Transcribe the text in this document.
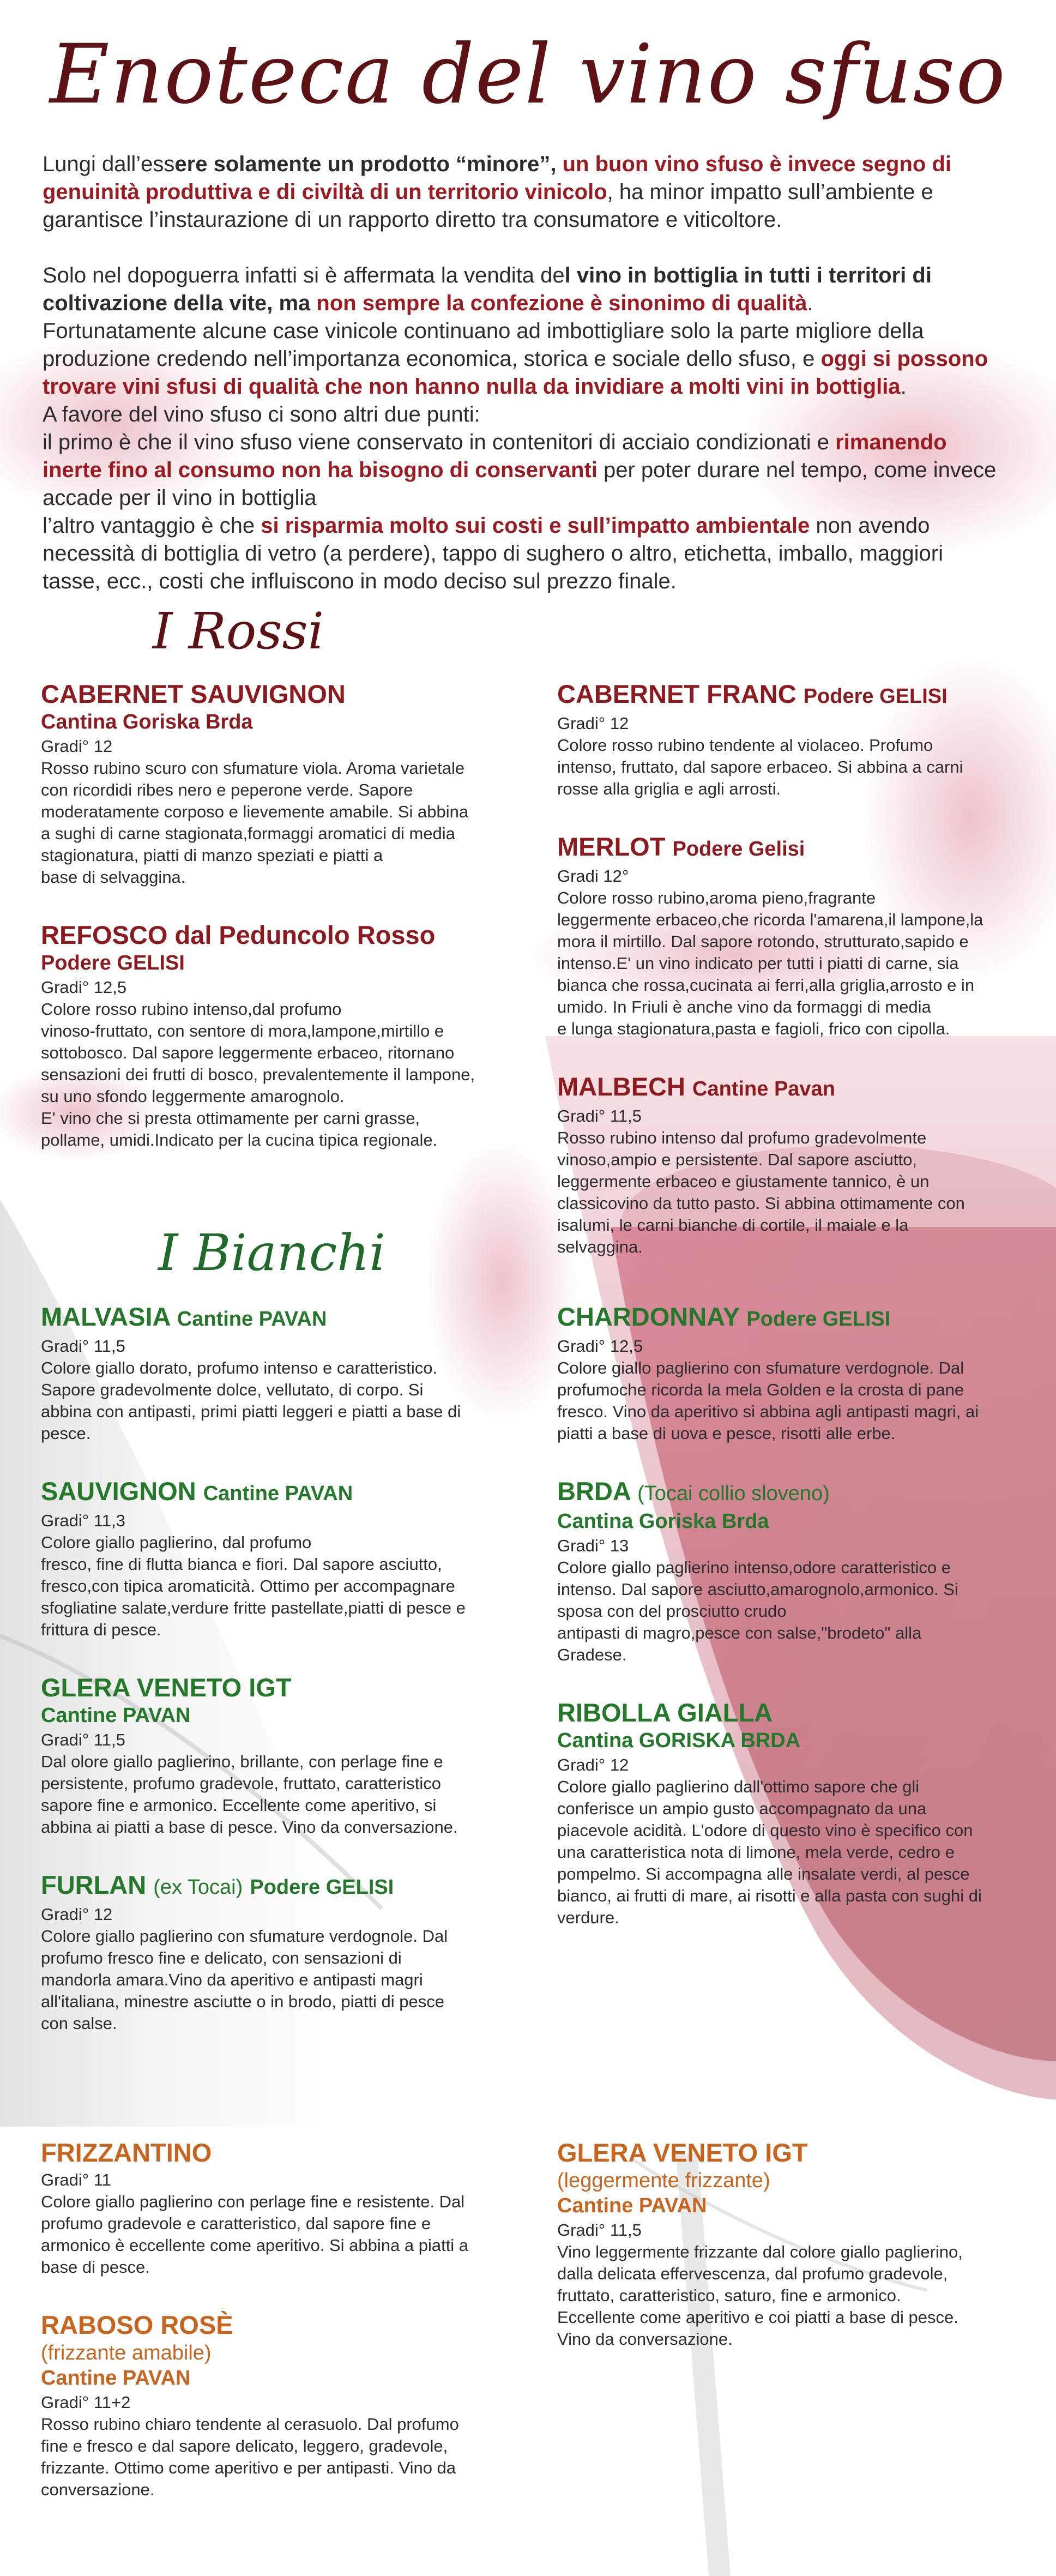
Enoteca del vino sfuso

Lungi dall’essere solamente un prodotto “minore”, un buon vino sfuso è invece segno di genuinità produttiva e di civiltà di un territorio vinicolo, ha minor impatto sull’ambiente e garantisce l’instaurazione di un rapporto diretto tra consumatore e viticoltore.

Solo nel dopoguerra infatti si è affermata la vendita del vino in bottiglia in tutti i territori di coltivazione della vite, ma non sempre la confezione è sinonimo di qualità.

Fortunatamente alcune case vinicole continuano ad imbottigliare solo la parte migliore della produzione credendo nell’importanza economica, storica e sociale dello sfuso, e oggi si possono trovare vini sfusi di qualità che non hanno nulla da invidiare a molti vini in bottiglia.

A favore del vino sfuso ci sono altri due punti:

il primo è che il vino sfuso viene conservato in contenitori di acciaio condizionati e rimanendo inerte fino al consumo non ha bisogno di conservanti per poter durare nel tempo, come invece accade per il vino in bottiglia

l’altro vantaggio è che si risparmia molto sui costi e sull’impatto ambientale non avendo necessità di bottiglia di vetro (a perdere), tappo di sughero o altro, etichetta, imballo, maggiori tasse, ecc., costi che influiscono in modo deciso sul prezzo finale.

I Rossi
CABERNET SAUVIGNON
Cantina Goriska Brda
Gradi° 12
Rosso rubino scuro con sfumature viola. Aroma varietale
con ricordidi ribes nero e peperone verde. Sapore
moderatamente corposo e lievemente amabile. Si abbina
a sughi di carne stagionata,formaggi aromatici di media
stagionatura, piatti di manzo speziati e piatti a
base di selvaggina.
REFOSCO dal Peduncolo Rosso
Podere GELISI
Gradi° 12,5
Colore rosso rubino intenso,dal profumo
vinoso-fruttato, con sentore di mora,lampone,mirtillo e
sottobosco. Dal sapore leggermente erbaceo, ritornano
sensazioni dei frutti di bosco, prevalentemente il lampone,
su uno sfondo leggermente amarognolo.
E' vino che si presta ottimamente per carni grasse,
pollame, umidi.Indicato per la cucina tipica regionale.
CABERNET FRANC Podere GELISI
Gradi° 12
Colore rosso rubino tendente al violaceo. Profumo
intenso, fruttato, dal sapore erbaceo. Si abbina a carni
rosse alla griglia e agli arrosti.
MERLOT Podere Gelisi
Gradi 12°
Colore rosso rubino,aroma pieno,fragrante
leggermente erbaceo,che ricorda l'amarena,il lampone,la
mora il mirtillo. Dal sapore rotondo, strutturato,sapido e
intenso.E' un vino indicato per tutti i piatti di carne, sia
bianca che rossa,cucinata ai ferri,alla griglia,arrosto e in
umido. In Friuli è anche vino da formaggi di media
e lunga stagionatura,pasta e fagioli, frico con cipolla.
MALBECH Cantine Pavan
Gradi° 11,5
Rosso rubino intenso dal profumo gradevolmente
vinoso,ampio e persistente. Dal sapore asciutto,
leggermente erbaceo e giustamente tannico, è un
classicovino da tutto pasto. Si abbina ottimamente con
isalumi, le carni bianche di cortile, il maiale e la
selvaggina.
I Bianchi
MALVASIA Cantine PAVAN
Gradi° 11,5
Colore giallo dorato, profumo intenso e caratteristico.
Sapore gradevolmente dolce, vellutato, di corpo. Si
abbina con antipasti, primi piatti leggeri e piatti a base di
pesce.
SAUVIGNON Cantine PAVAN
Gradi° 11,3
Colore giallo paglierino, dal profumo
fresco, fine di flutta bianca e fiori. Dal sapore asciutto,
fresco,con tipica aromaticità. Ottimo per accompagnare
sfogliatine salate,verdure fritte pastellate,piatti di pesce e
frittura di pesce.
GLERA VENETO IGT
Cantine PAVAN
Gradi° 11,5
Dal olore giallo paglierino, brillante, con perlage fine e
persistente, profumo gradevole, fruttato, caratteristico
sapore fine e armonico. Eccellente come aperitivo, si
abbina ai piatti a base di pesce. Vino da conversazione.
FURLAN (ex Tocai) Podere GELISI
Gradi° 12
Colore giallo paglierino con sfumature verdognole. Dal
profumo fresco fine e delicato, con sensazioni di
mandorla amara.Vino da aperitivo e antipasti magri
all'italiana, minestre asciutte o in brodo, piatti di pesce
con salse.
CHARDONNAY Podere GELISI
Gradi° 12,5
Colore giallo paglierino con sfumature verdognole. Dal
profumoche ricorda la mela Golden e la crosta di pane
fresco. Vino da aperitivo si abbina agli antipasti magri, ai
piatti a base di uova e pesce, risotti alle erbe.
BRDA (Tocai collio sloveno)
Cantina Goriska Brda
Gradi° 13
Colore giallo paglierino intenso,odore caratteristico e
intenso. Dal sapore asciutto,amarognolo,armonico. Si
sposa con del prosciutto crudo
antipasti di magro,pesce con salse,"brodeto" alla
Gradese.
RIBOLLA GIALLA
Cantina GORISKA BRDA
Gradi° 12
Colore giallo paglierino dall'ottimo sapore che gli
conferisce un ampio gusto accompagnato da una
piacevole acidità. L'odore di questo vino è specifico con
una caratteristica nota di limone, mela verde, cedro e
pompelmo. Si accompagna alle insalate verdi, al pesce
bianco, ai frutti di mare, ai risotti e alla pasta con sughi di
verdure.
FRIZZANTINO
Gradi° 11
Colore giallo paglierino con perlage fine e resistente. Dal
profumo gradevole e caratteristico, dal sapore fine e
armonico è eccellente come aperitivo. Si abbina a piatti a
base di pesce.
RABOSO ROSÈ
(frizzante amabile)
Cantine PAVAN
Gradi° 11+2
Rosso rubino chiaro tendente al cerasuolo. Dal profumo
fine e fresco e dal sapore delicato, leggero, gradevole,
frizzante. Ottimo come aperitivo e per antipasti. Vino da
conversazione.
GLERA VENETO IGT
(leggermente frizzante)
Cantine PAVAN
Gradi° 11,5
Vino leggermente frizzante dal colore giallo paglierino,
dalla delicata effervescenza, dal profumo gradevole,
fruttato, caratteristico, saturo, fine e armonico.
Eccellente come aperitivo e coi piatti a base di pesce.
Vino da conversazione.
